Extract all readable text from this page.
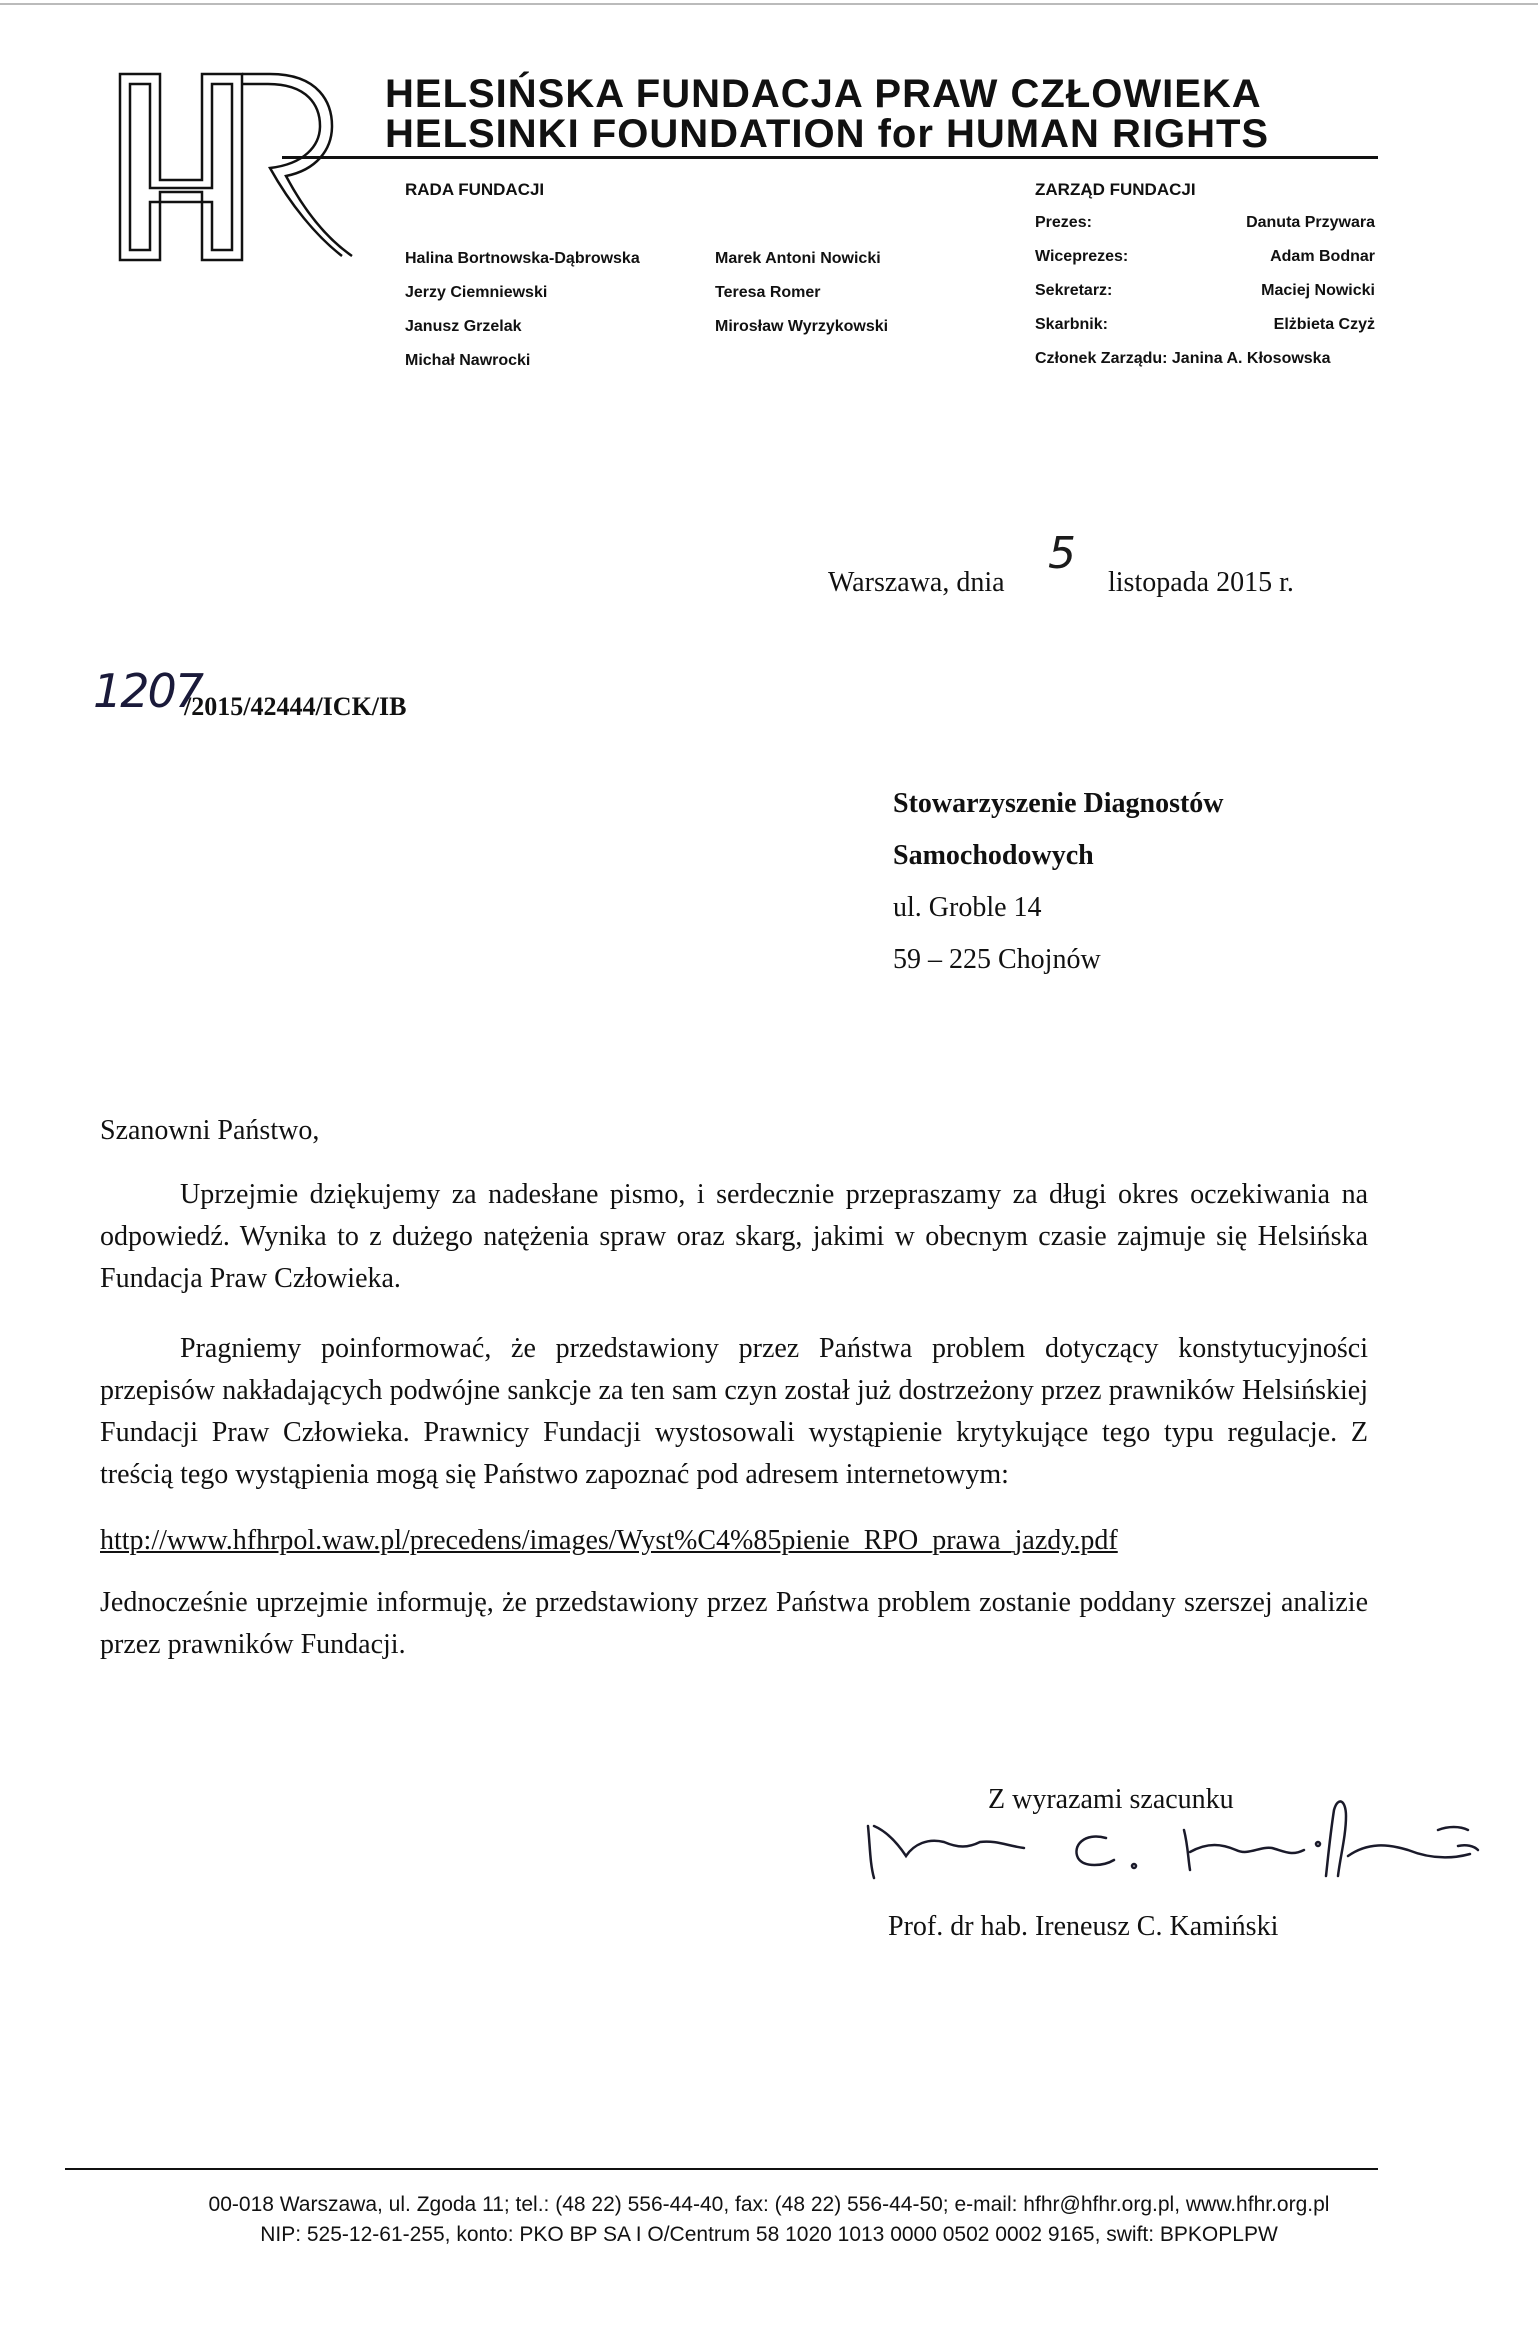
HELSIŃSKA FUNDACJA PRAW CZŁOWIEKA
HELSINKI FOUNDATION for HUMAN RIGHTS
RADA FUNDACJI
Halina Bortnowska-Dąbrowska
Jerzy Ciemniewski
Janusz Grzelak
Michał Nawrocki
Marek Antoni Nowicki
Teresa Romer
Mirosław Wyrzykowski
ZARZĄD FUNDACJI
Prezes:	Danuta Przywara
Wiceprezes:	Adam Bodnar
Sekretarz:	Maciej Nowicki
Skarbnik:	Elżbieta Czyż
Członek Zarządu: Janina A. Kłosowska
Warszawa, dnia
5
listopada 2015 r.
1207
/2015/42444/ICK/IB
Stowarzyszenie Diagnostów
Samochodowych
ul. Groble 14
59 – 225 Chojnów
Szanowni Państwo,

Uprzejmie dziękujemy za nadesłane pismo, i serdecznie przepraszamy za długi okres oczekiwania na odpowiedź. Wynika to z dużego natężenia spraw oraz skarg, jakimi w obecnym czasie zajmuje się Helsińska Fundacja Praw Człowieka.

Pragniemy poinformować, że przedstawiony przez Państwa problem dotyczący konstytucyjności przepisów nakładających podwójne sankcje za ten sam czyn został już dostrzeżony przez prawników Helsińskiej Fundacji Praw Człowieka. Prawnicy Fundacji wystosowali wystąpienie krytykujące tego typu regulacje. Z treścią tego wystąpienia mogą się Państwo zapoznać pod adresem internetowym:

http://www.hfhrpol.waw.pl/precedens/images/Wyst%C4%85pienie_RPO_prawa_jazdy.pdf

Jednocześnie uprzejmie informuję, że przedstawiony przez Państwa problem zostanie poddany szerszej analizie przez prawników Fundacji.

Z wyrazami szacunku
Prof. dr hab. Ireneusz C. Kamiński
00-018 Warszawa, ul. Zgoda 11; tel.: (48 22) 556-44-40, fax: (48 22) 556-44-50; e-mail: hfhr@hfhr.org.pl, www.hfhr.org.pl
NIP: 525-12-61-255, konto: PKO BP SA I O/Centrum 58 1020 1013 0000 0502 0002 9165, swift: BPKOPLPW
